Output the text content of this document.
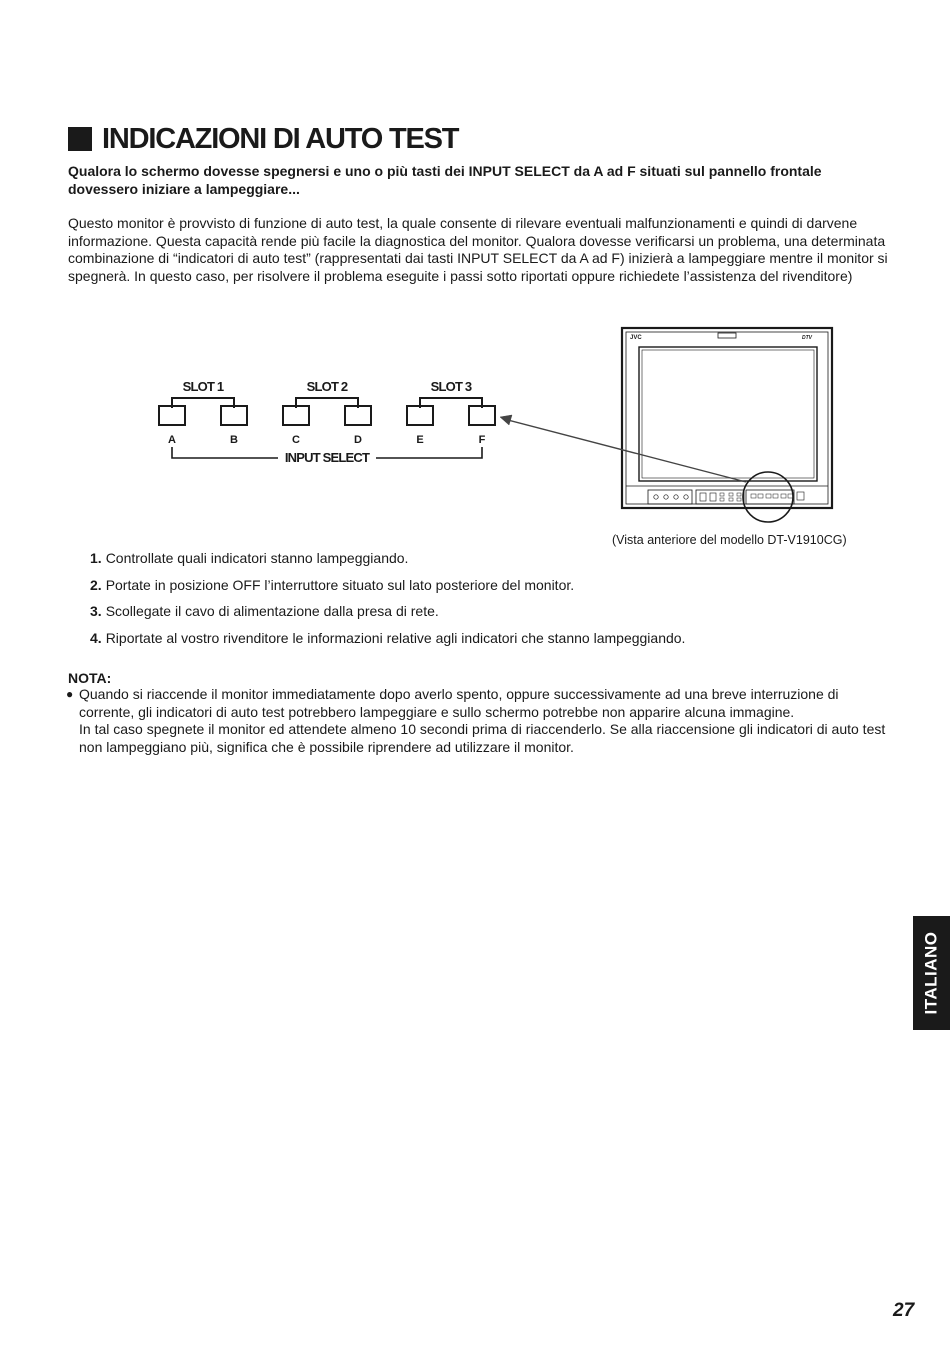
INDICAZIONI DI AUTO TEST

Qualora lo schermo dovesse spegnersi e uno o più tasti dei INPUT SELECT da A ad F situati sul pannello frontale dovessero iniziare a lampeggiare...

Questo monitor è provvisto di funzione di auto test, la quale consente di rilevare eventuali malfunzionamenti e quindi di darvene informazione. Questa capacità rende più facile la diagnostica del monitor. Qualora dovesse verificarsi un problema, una determinata combinazione di “indicatori di auto test” (rappresentati dai tasti INPUT SELECT da A ad F) inizierà a lampeggiare mentre il monitor si spegnerà. In questo caso, per risolvere il problema eseguite i passi sotto riportati oppure richiedete l’assistenza del rivenditore)

SLOT 1	SLOT 2	SLOT 3
A	B	C	D	E	F
INPUT SELECT
JVC	DTV
(Vista anteriore del modello DT-V1910CG)
1. Controllate quali indicatori stanno lampeggiando.
2. Portate in posizione OFF l’interruttore situato sul lato posteriore del monitor.
3. Scollegate il cavo di alimentazione dalla presa di rete.
4. Riportate al vostro rivenditore le informazioni relative agli indicatori che stanno lampeggiando.
NOTA:
● Quando si riaccende il monitor immediatamente dopo averlo spento, oppure successivamente ad una breve interruzione di corrente, gli indicatori di auto test potrebbero lampeggiare e sullo schermo potrebbe non apparire alcuna immagine.
In tal caso spegnete il monitor ed attendete almeno 10 secondi prima di riaccenderlo. Se alla riaccensione gli indicatori di auto test non lampeggiano più, significa che è possibile riprendere ad utilizzare il monitor.
ITALIANO
27
